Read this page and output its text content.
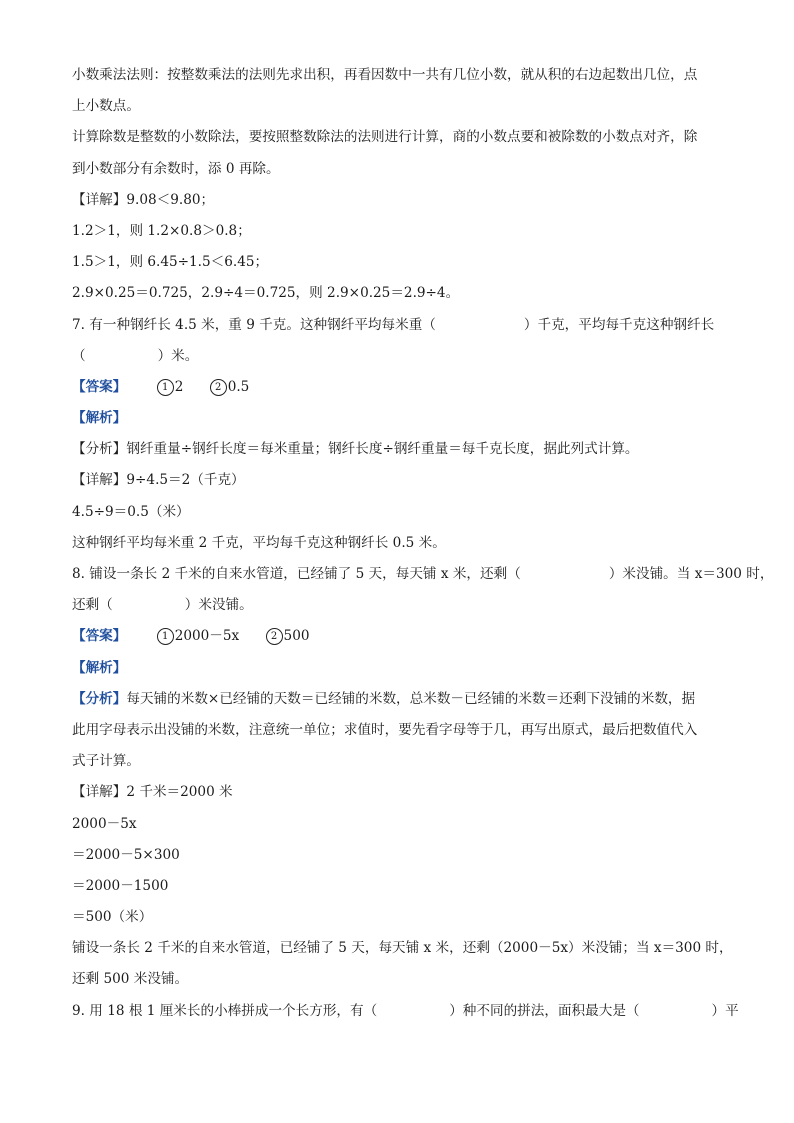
小数乘法法则：按整数乘法的法则先求出积，再看因数中一共有几位小数，就从积的右边起数出几位，点
上小数点。
计算除数是整数的小数除法，要按照整数除法的法则进行计算，商的小数点要和被除数的小数点对齐，除
到小数部分有余数时，添 0 再除。
【详解】9.08＜9.80；
1.2＞1，则 1.2×0.8＞0.8；
1.5＞1，则 6.45÷1.5＜6.45；
2.9×0.25＝0.725，2.9÷4＝0.725，则 2.9×0.25＝2.9÷4。
7. 有一种钢纤长 4.5 米，重 9 千克。这种钢纤平均每米重（	）千克，平均每千克这种钢纤长
（	）米。
【答案】	1 2	2 0.5
【解析】
【分析】钢纤重量÷钢纤长度＝每米重量；钢纤长度÷钢纤重量＝每千克长度，据此列式计算。
【详解】9÷4.5＝2（千克）
4.5÷9＝0.5（米）
这种钢纤平均每米重 2 千克，平均每千克这种钢纤长 0.5 米。
8. 铺设一条长 2 千米的自来水管道，已经铺了 5 天，每天铺 x 米，还剩（	）米没铺。当 x＝300 时，
还剩（	）米没铺。
【答案】	1 2000－5x	2 500
【解析】
【分析】每天铺的米数×已经铺的天数＝已经铺的米数，总米数－已经铺的米数＝还剩下没铺的米数，据
此用字母表示出没铺的米数，注意统一单位；求值时，要先看字母等于几，再写出原式，最后把数值代入
式子计算。
【详解】2 千米＝2000 米
2000－5x
＝2000－5×300
＝2000－1500
＝500（米）
铺设一条长 2 千米的自来水管道，已经铺了 5 天，每天铺 x 米，还剩（2000－5x）米没铺；当 x＝300 时，
还剩 500 米没铺。
9. 用 18 根 1 厘米长的小棒拼成一个长方形，有（	）种不同的拼法，面积最大是（	）平
